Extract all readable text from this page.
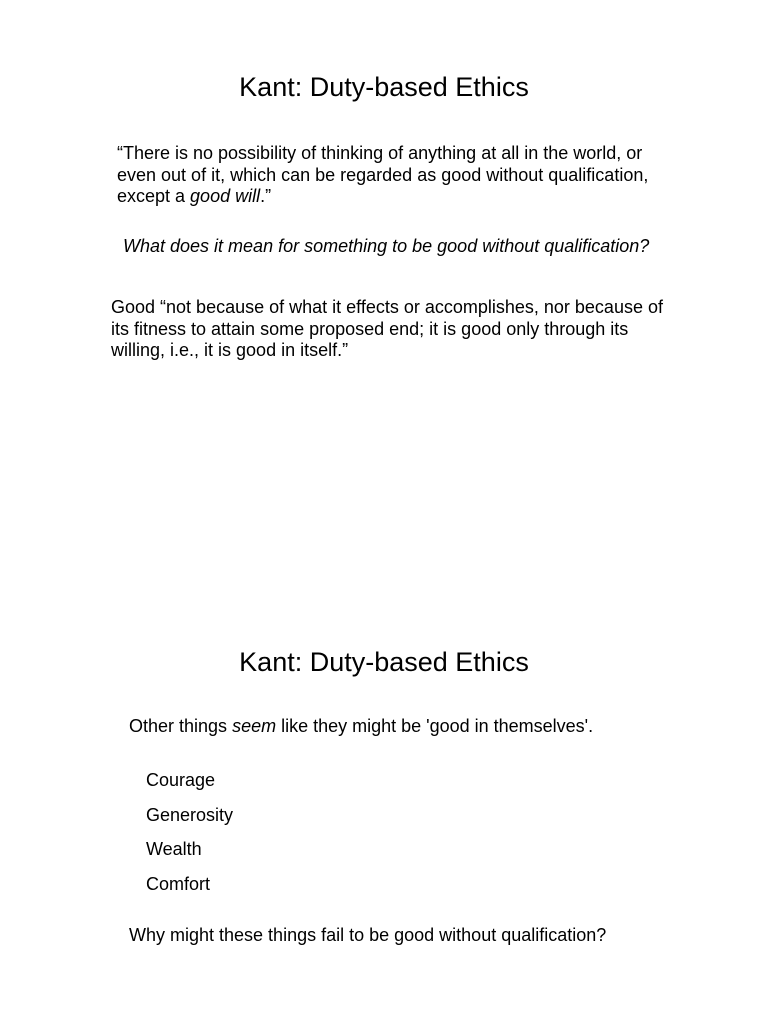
Kant: Duty-based Ethics
“There is no possibility of thinking of anything at all in the world, or
even out of it, which can be regarded as good without qualification,
except a good will.”
What does it mean for something to be good without qualification?
Good “not because of what it effects or accomplishes, nor because of
its fitness to attain some proposed end; it is good only through its
willing, i.e., it is good in itself.”
Kant: Duty-based Ethics
Other things seem like they might be 'good in themselves'.
Courage
Generosity
Wealth
Comfort
Why might these things fail to be good without qualification?
